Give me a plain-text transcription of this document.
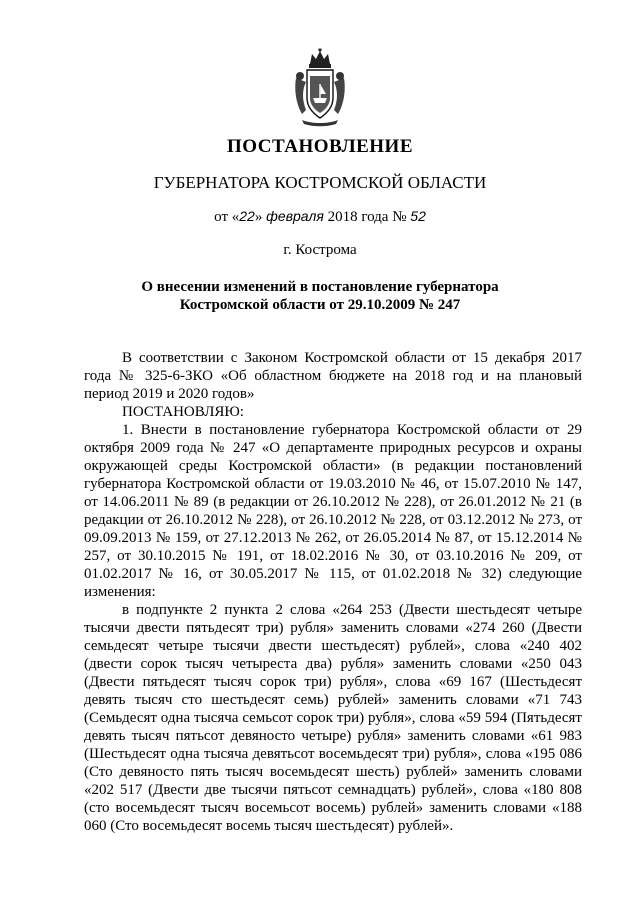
ПОСТАНОВЛЕНИЕ
ГУБЕРНАТОРА КОСТРОМСКОЙ ОБЛАСТИ
от «22» февраля 2018 года № 52
г. Кострома
О внесении изменений в постановление губернатора
Костромской области от 29.10.2009 № 247

В соответствии с Законом Костромской области от 15 декабря 2017 года № 325-6-ЗКО «Об областном бюджете на 2018 год и на плановый период 2019 и 2020 годов»

ПОСТАНОВЛЯЮ:

1. Внести в постановление губернатора Костромской области от 29 октября 2009 года № 247 «О департаменте природных ресурсов и охраны окружающей среды Костромской области» (в редакции постановлений губернатора Костромской области от 19.03.2010 № 46, от 15.07.2010 № 147, от 14.06.2011 № 89 (в редакции от 26.10.2012 № 228), от 26.01.2012 № 21 (в редакции от 26.10.2012 № 228), от 26.10.2012 № 228, от 03.12.2012 № 273, от 09.09.2013 № 159, от 27.12.2013 № 262, от 26.05.2014 № 87, от 15.12.2014 № 257, от 30.10.2015 № 191, от 18.02.2016 № 30, от 03.10.2016 № 209, от 01.02.2017 № 16, от 30.05.2017 № 115, от 01.02.2018 № 32) следующие изменения:

в подпункте 2 пункта 2 слова «264 253 (Двести шестьдесят четыре тысячи двести пятьдесят три) рубля» заменить словами «274 260 (Двести семьдесят четыре тысячи двести шестьдесят) рублей», слова «240 402 (двести сорок тысяч четыреста два) рубля» заменить словами «250 043 (Двести пятьдесят тысяч сорок три) рубля», слова «69 167 (Шестьдесят девять тысяч сто шестьдесят семь) рублей» заменить словами «71 743 (Семьдесят одна тысяча семьсот сорок три) рубля», слова «59 594 (Пятьдесят девять тысяч пятьсот девяносто четыре) рубля» заменить словами «61 983 (Шестьдесят одна тысяча девятьсот восемьдесят три) рубля», слова «195 086 (Сто девяносто пять тысяч восемьдесят шесть) рублей» заменить словами «202 517 (Двести две тысячи пятьсот семнадцать) рублей», слова «180 808 (сто восемьдесят тысяч восемьсот восемь) рублей» заменить словами «188 060 (Сто восемьдесят восемь тысяч шестьдесят) рублей».
